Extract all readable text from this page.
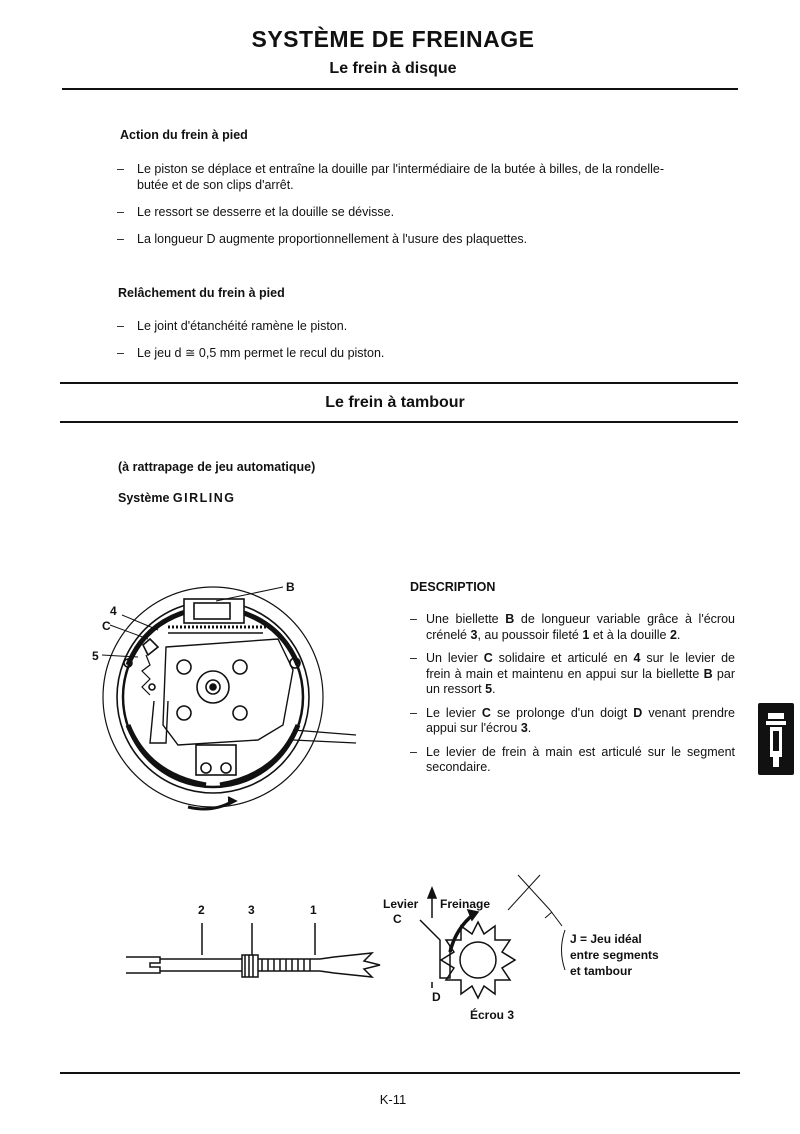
SYSTÈME DE FREINAGE
Le frein à disque
Action du frein à pied
– Le piston se déplace et entraîne la douille par l'intermédiaire de la butée à billes, de la rondelle-butée et de son clips d'arrêt.
– Le ressort se desserre et la douille se dévisse.
– La longueur D augmente proportionnellement à l'usure des plaquettes.
Relâchement du frein à pied
– Le joint d'étanchéité ramène le piston.
– Le jeu d ≅ 0,5 mm permet le recul du piston.
Le frein à tambour
(à rattrapage de jeu automatique)
Système GIRLING
B
4
C
5
DESCRIPTION
– Une biellette B de longueur variable grâce à l'écrou crénelé 3, au poussoir fileté 1 et à la douille 2.
– Un levier C solidaire et articulé en 4 sur le levier de frein à main et maintenu en appui sur la biellette B par un ressort 5.
– Le levier C se prolonge d'un doigt D venant prendre appui sur l'écrou 3.
– Le levier de frein à main est articulé sur le segment secondaire.
2	3	1	Levier
C
Freinage
D
Écrou 3
J = Jeu idéal
entre segments
et tambour
K-11
